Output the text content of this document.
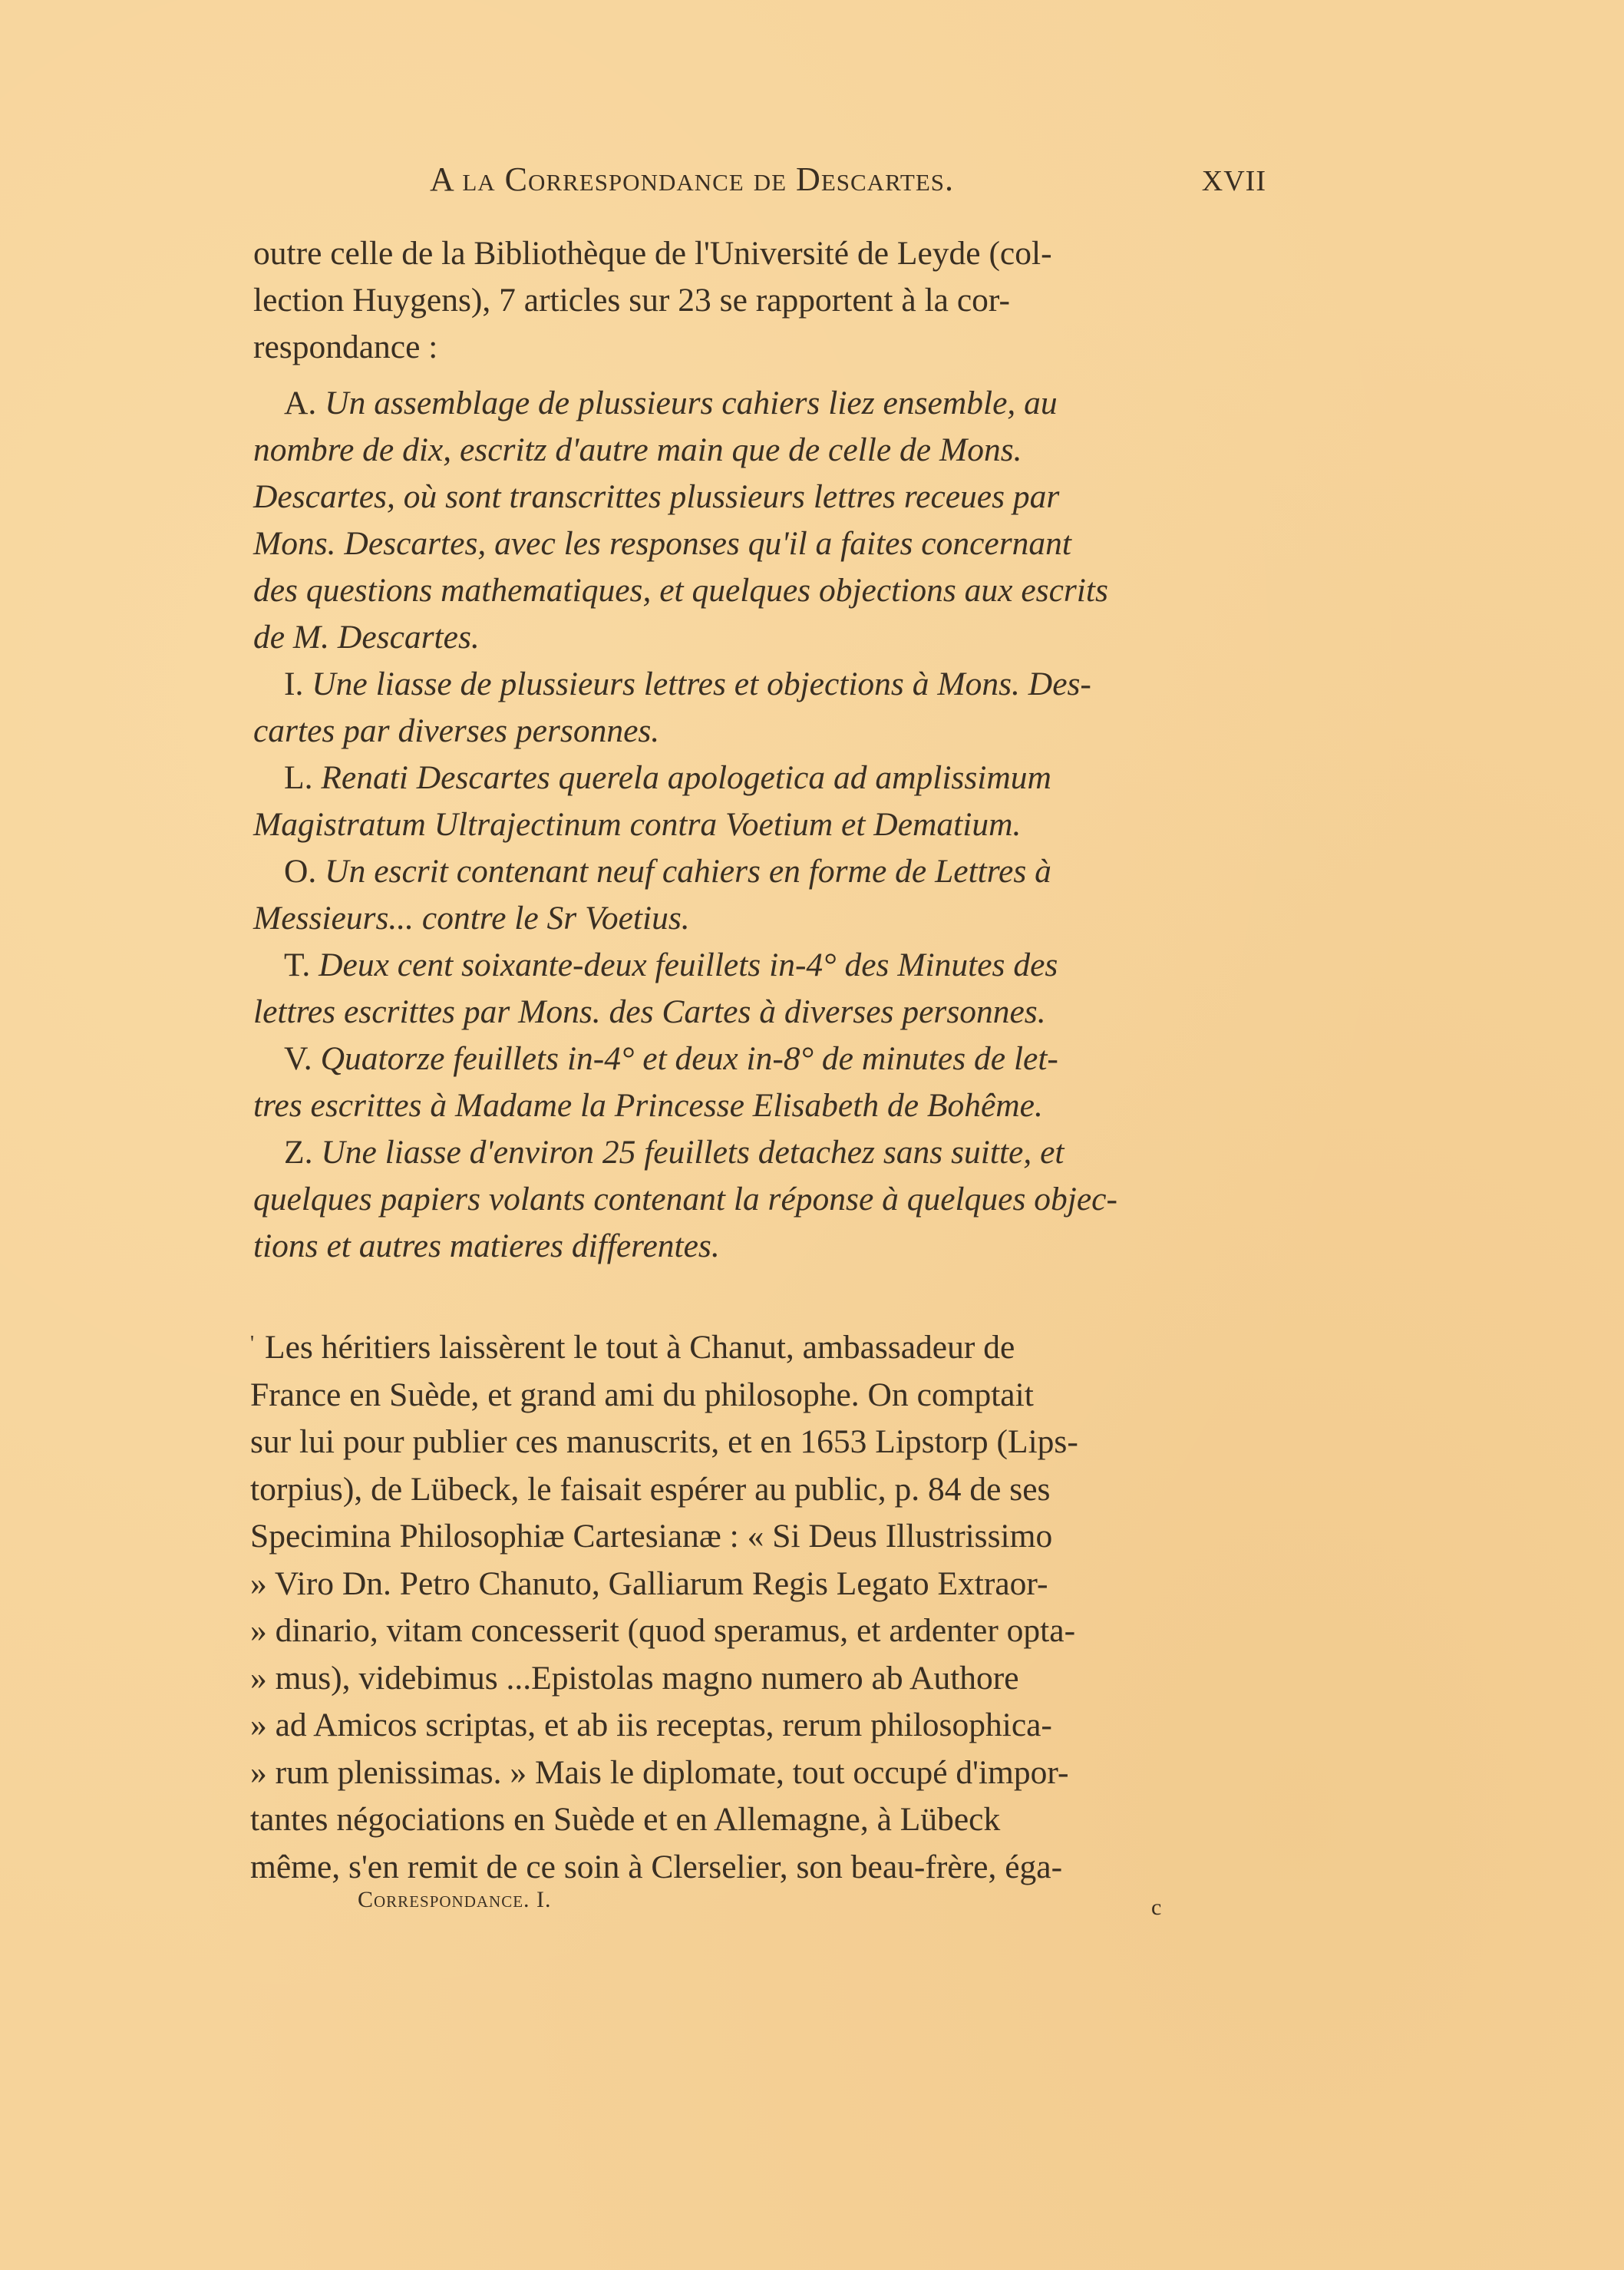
A la Correspondance de Descartes.	XVII

outre celle de la Bibliothèque de l'Université de Leyde (col-
lection Huygens), 7 articles sur 23 se rapportent à la cor-
respondance :

A. Un assemblage de plussieurs cahiers liez ensemble, au
nombre de dix, escritz d'autre main que de celle de Mons.
Descartes, où sont transcrittes plussieurs lettres receues par
Mons. Descartes, avec les responses qu'il a faites concernant
des questions mathematiques, et quelques objections aux escrits
de M. Descartes.

I. Une liasse de plussieurs lettres et objections à Mons. Des-
cartes par diverses personnes.

L. Renati Descartes querela apologetica ad amplissimum
Magistratum Ultrajectinum contra Voetium et Dematium.

O. Un escrit contenant neuf cahiers en forme de Lettres à
Messieurs... contre le Sr Voetius.

T. Deux cent soixante-deux feuillets in-4° des Minutes des
lettres escrittes par Mons. des Cartes à diverses personnes.

V. Quatorze feuillets in-4° et deux in-8° de minutes de let-
tres escrittes à Madame la Princesse Elisabeth de Bohême.

Z. Une liasse d'environ 25 feuillets detachez sans suitte, et
quelques papiers volants contenant la réponse à quelques objec-
tions et autres matieres differentes.

' Les héritiers laissèrent le tout à Chanut, ambassadeur de
France en Suède, et grand ami du philosophe. On comptait
sur lui pour publier ces manuscrits, et en 1653 Lipstorp (Lips-
torpius), de Lübeck, le faisait espérer au public, p. 84 de ses
Specimina Philosophiæ Cartesianæ : « Si Deus Illustrissimo
» Viro Dn. Petro Chanuto, Galliarum Regis Legato Extraor-
» dinario, vitam concesserit (quod speramus, et ardenter opta-
» mus), videbimus ...Epistolas magno numero ab Authore
» ad Amicos scriptas, et ab iis receptas, rerum philosophica-
» rum plenissimas. » Mais le diplomate, tout occupé d'impor-
tantes négociations en Suède et en Allemagne, à Lübeck
même, s'en remit de ce soin à Clerselier, son beau-frère, éga-

Correspondance. I.	c
